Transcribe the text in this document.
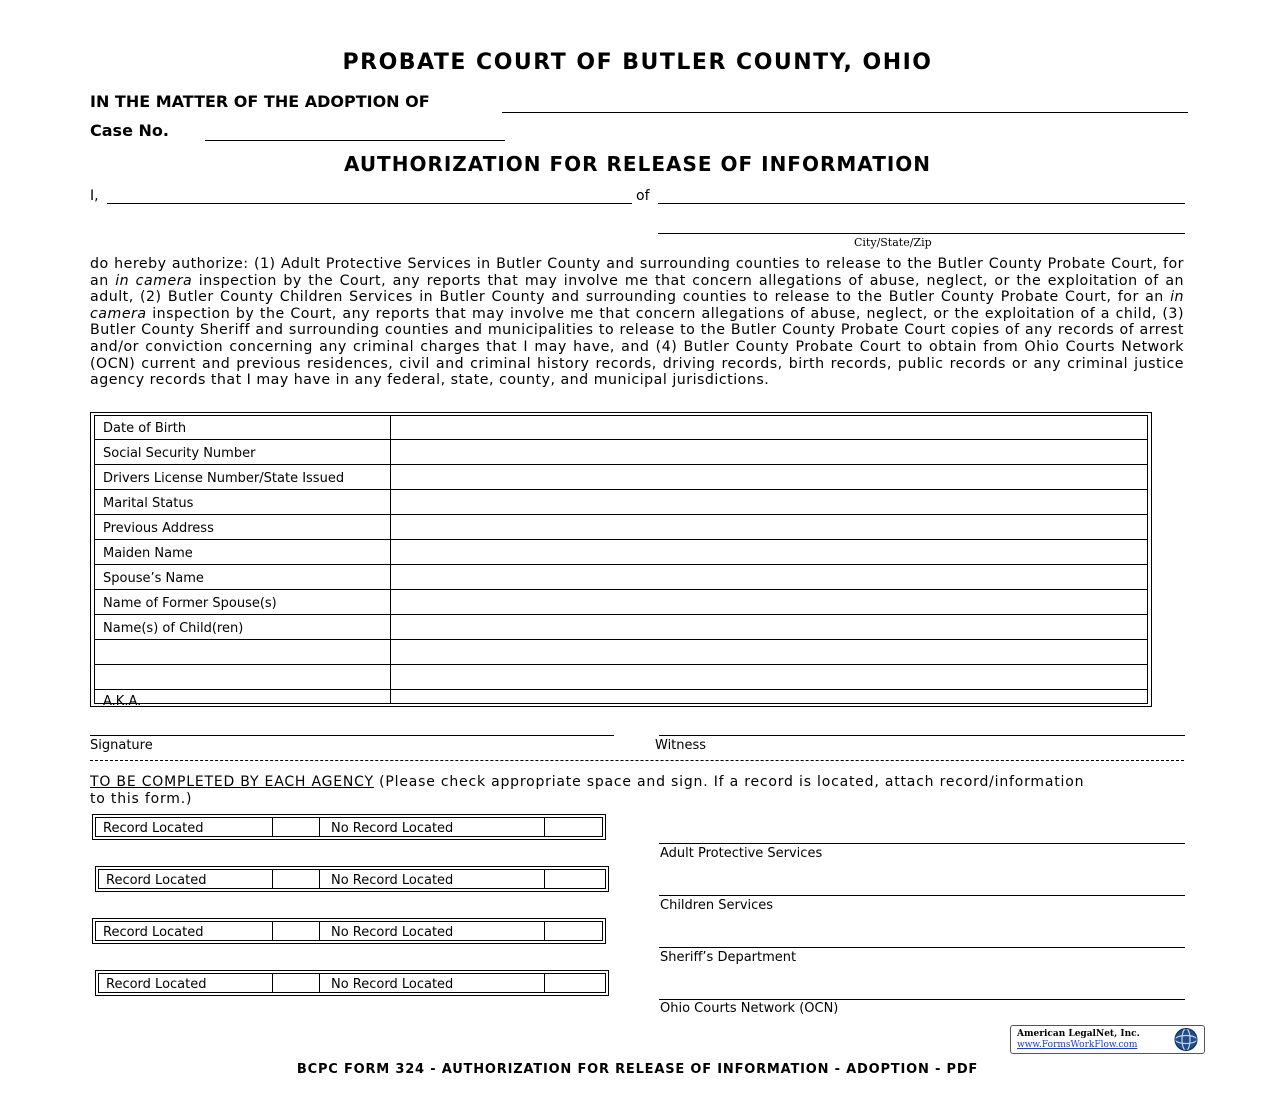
PROBATE COURT OF BUTLER COUNTY, OHIO
IN THE MATTER OF THE ADOPTION OF
Case No.
AUTHORIZATION FOR RELEASE OF INFORMATION
I,	of
City/State/Zip
do hereby authorize: (1) Adult Protective Services in Butler County and surrounding counties to release to the Butler County Probate Court, for an in camera inspection by the Court, any reports that may involve me that concern allegations of abuse, neglect, or the exploitation of an adult, (2) Butler County Children Services in Butler County and surrounding counties to release to the Butler County Probate Court, for an in camera inspection by the Court, any reports that may involve me that concern allegations of abuse, neglect, or the exploitation of a child, (3) Butler County Sheriff and surrounding counties and municipalities to release to the Butler County Probate Court copies of any records of arrest and/or conviction concerning any criminal charges that I may have, and (4) Butler County Probate Court to obtain from Ohio Courts Network (OCN) current and previous residences, civil and criminal history records, driving records, birth records, public records or any criminal justice agency records that I may have in any federal, state, county, and municipal jurisdictions.
Date of Birth
Social Security Number
Drivers License Number/State Issued
Marital Status
Previous Address
Maiden Name
Spouse’s Name
Name of Former Spouse(s)
Name(s) of Child(ren)
A.K.A.
Signature	Witness
TO BE COMPLETED BY EACH AGENCY (Please check appropriate space and sign. If a record is located, attach record/information to this form.)
Record Located	No Record Located
Adult Protective Services
Record Located	No Record Located
Children Services
Record Located	No Record Located
Sheriff’s Department
Record Located	No Record Located
Ohio Courts Network (OCN)
American LegalNet, Inc.
www.FormsWorkFlow.com
BCPC FORM 324 - AUTHORIZATION FOR RELEASE OF INFORMATION - ADOPTION - PDF
